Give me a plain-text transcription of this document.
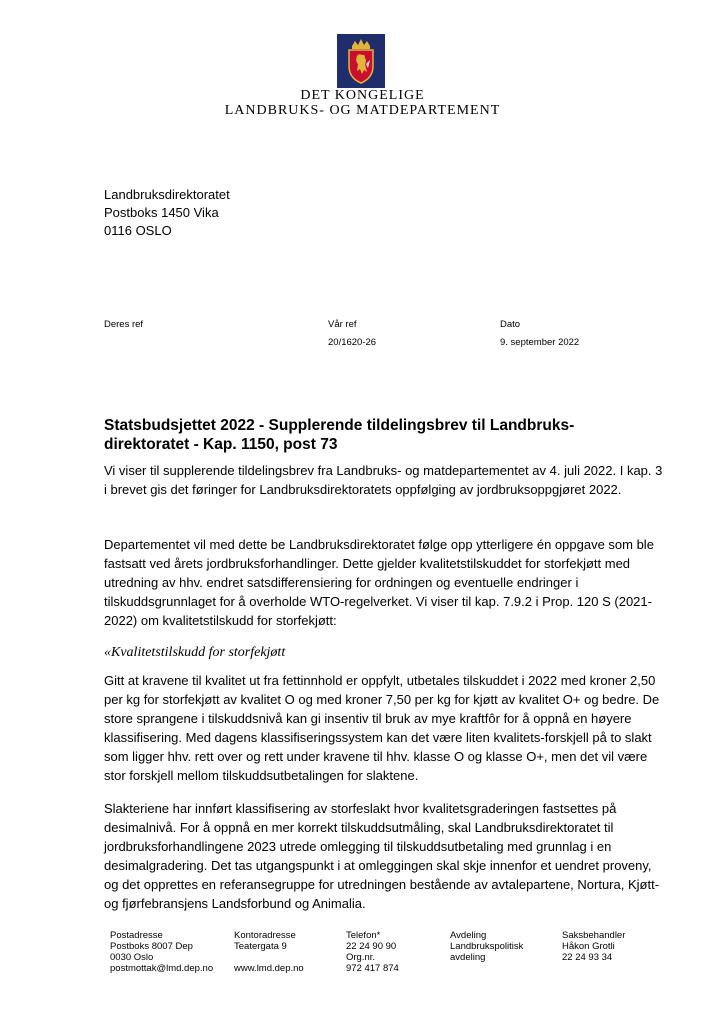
DET KONGELIGE
LANDBRUKS- OG MATDEPARTEMENT
Landbruksdirektoratet
Postboks 1450 Vika
0116 OSLO
Deres ref	Vår ref
20/1620-26
Dato
9. september 2022
Statsbudsjettet 2022 - Supplerende tildelingsbrev til Landbruks-direktoratet - Kap. 1150, post 73

Vi viser til supplerende tildelingsbrev fra Landbruks- og matdepartementet av 4. juli 2022. I kap. 3 i brevet gis det føringer for Landbruksdirektoratets oppfølging av jordbruksoppgjøret 2022.

Departementet vil med dette be Landbruksdirektoratet følge opp ytterligere én oppgave som ble fastsatt ved årets jordbruksforhandlinger. Dette gjelder kvalitetstilskuddet for storfekjøtt med utredning av hhv. endret satsdifferensiering for ordningen og eventuelle endringer i tilskuddsgrunnlaget for å overholde WTO-regelverket. Vi viser til kap. 7.9.2 i Prop. 120 S (2021-2022) om kvalitetstilskudd for storfekjøtt:

«Kvalitetstilskudd for storfekjøtt

Gitt at kravene til kvalitet ut fra fettinnhold er oppfylt, utbetales tilskuddet i 2022 med kroner 2,50 per kg for storfekjøtt av kvalitet O og med kroner 7,50 per kg for kjøtt av kvalitet O+ og bedre. De store sprangene i tilskuddsnivå kan gi insentiv til bruk av mye kraftfôr for å oppnå en høyere klassifisering. Med dagens klassifiseringssystem kan det være liten kvalitets-forskjell på to slakt som ligger hhv. rett over og rett under kravene til hhv. klasse O og klasse O+, men det vil være stor forskjell mellom tilskuddsutbetalingen for slaktene.

Slakteriene har innført klassifisering av storfeslakt hvor kvalitetsgraderingen fastsettes på desimalnivå. For å oppnå en mer korrekt tilskuddsutmåling, skal Landbruksdirektoratet til jordbruksforhandlingene 2023 utrede omlegging til tilskuddsutbetaling med grunnlag i en desimalgradering. Det tas utgangspunkt i at omleggingen skal skje innenfor et uendret proveny, og det opprettes en referansegruppe for utredningen bestående av avtalepartene, Nortura, Kjøtt- og fjørfebransjens Landsforbund og Animalia.

Postadresse
Postboks 8007 Dep
0030 Oslo
postmottak@lmd.dep.no
Kontoradresse
Teatergata 9

www.lmd.dep.no
Telefon*
22 24 90 90
Org.nr.
972 417 874
Avdeling
Landbrukspolitisk
avdeling
Saksbehandler
Håkon Grotli
22 24 93 34
